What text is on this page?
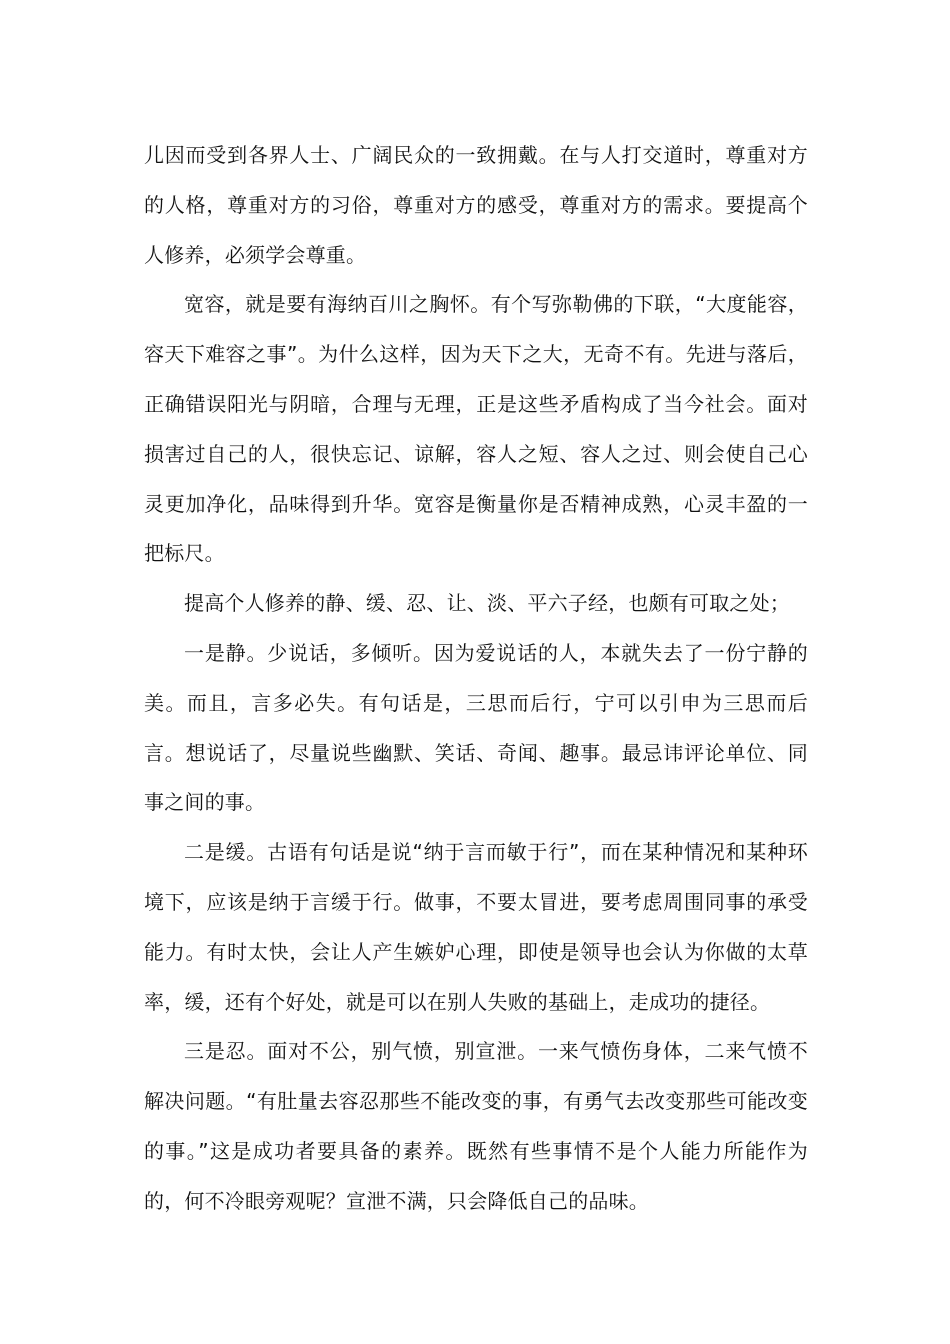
儿因而受到各界人士、广阔民众的一致拥戴。在与人打交道时，尊重对方的人格，尊重对方的习俗，尊重对方的感受，尊重对方的需求。要提高个人修养，必须学会尊重。

宽容，就是要有海纳百川之胸怀。有个写弥勒佛的下联，“大度能容，容天下难容之事”。为什么这样，因为天下之大，无奇不有。先进与落后，正确错误阳光与阴暗，合理与无理，正是这些矛盾构成了当今社会。面对损害过自己的人，很快忘记、谅解，容人之短、容人之过、则会使自己心灵更加净化，品味得到升华。宽容是衡量你是否精神成熟，心灵丰盈的一把标尺。

提高个人修养的静、缓、忍、让、淡、平六子经，也颇有可取之处；

一是静。少说话，多倾听。因为爱说话的人，本就失去了一份宁静的美。而且，言多必失。有句话是，三思而后行，宁可以引申为三思而后言。想说话了，尽量说些幽默、笑话、奇闻、趣事。最忌讳评论单位、同事之间的事。

二是缓。古语有句话是说“纳于言而敏于行”，而在某种情况和某种环境下，应该是纳于言缓于行。做事，不要太冒进，要考虑周围同事的承受能力。有时太快，会让人产生嫉妒心理，即使是领导也会认为你做的太草率，缓，还有个好处，就是可以在别人失败的基础上，走成功的捷径。

三是忍。面对不公，别气愤，别宣泄。一来气愤伤身体，二来气愤不解决问题。“有肚量去容忍那些不能改变的事，有勇气去改变那些可能改变的事。”这是成功者要具备的素养。既然有些事情不是个人能力所能作为的，何不冷眼旁观呢？宣泄不满，只会降低自己的品味。
